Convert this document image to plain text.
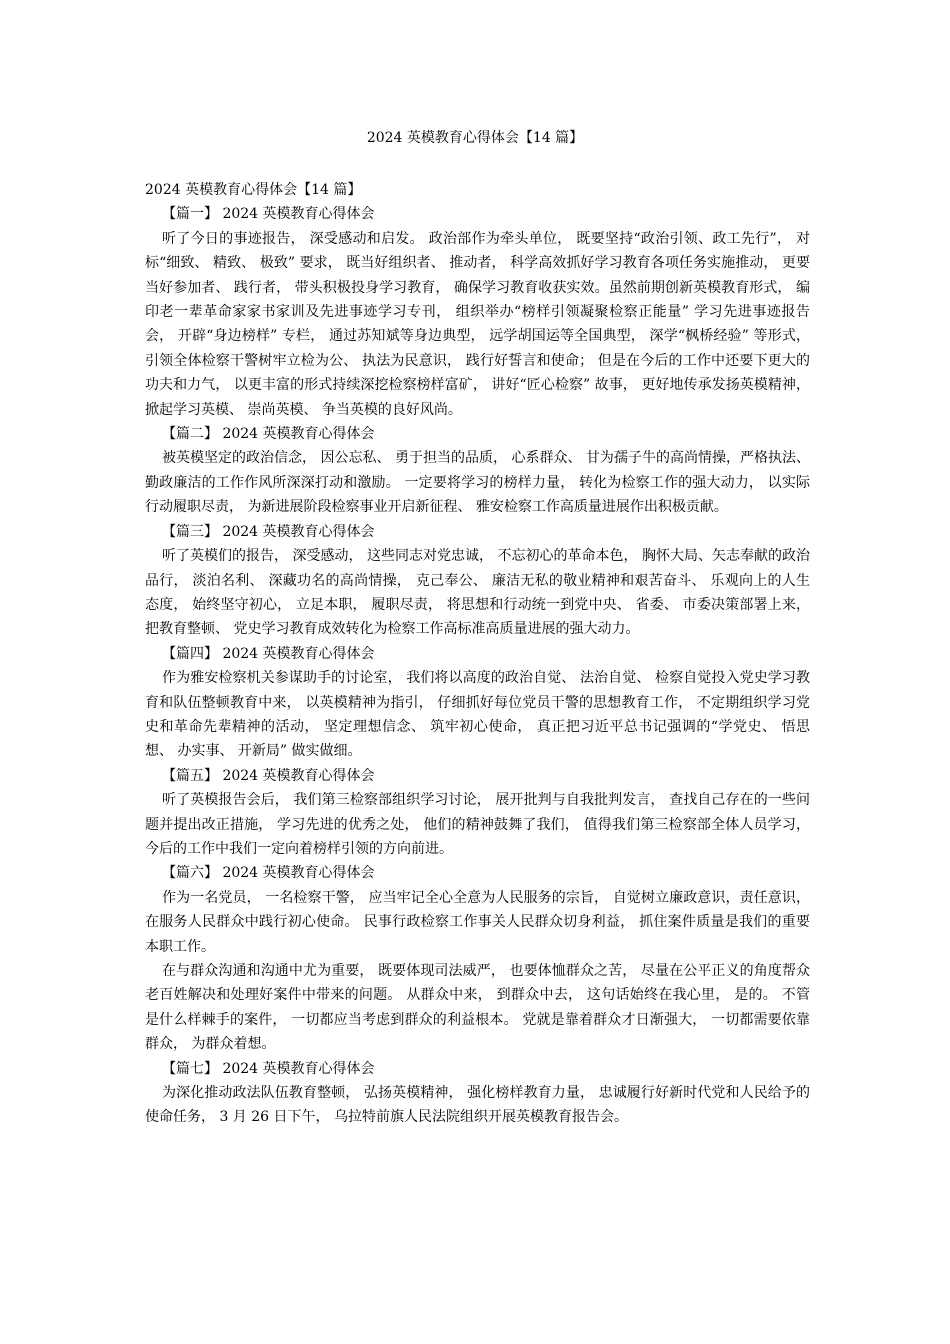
2024 英模教育心得体会【14 篇】

2024 英模教育心得体会【14 篇】

【篇一】 2024 英模教育心得体会

听了今日的事迹报告， 深受感动和启发。 政治部作为牵头单位， 既要坚持“政治引领、政工先行”， 对标“细致、 精致、 极致” 要求， 既当好组织者、 推动者， 科学高效抓好学习教育各项任务实施推动， 更要当好参加者、 践行者， 带头积极投身学习教育， 确保学习教育收获实效。虽然前期创新英模教育形式， 编印老一辈革命家家书家训及先进事迹学习专刊， 组织举办“榜样引领凝聚检察正能量” 学习先进事迹报告会， 开辟“身边榜样” 专栏， 通过苏知斌等身边典型， 远学胡国运等全国典型， 深学“枫桥经验” 等形式， 引领全体检察干警树牢立检为公、 执法为民意识， 践行好誓言和使命； 但是在今后的工作中还要下更大的功夫和力气， 以更丰富的形式持续深挖检察榜样富矿， 讲好“匠心检察” 故事， 更好地传承发扬英模精神， 掀起学习英模、 崇尚英模、 争当英模的良好风尚。

【篇二】 2024 英模教育心得体会

被英模坚定的政治信念， 因公忘私、 勇于担当的品质， 心系群众、 甘为孺子牛的高尚情操，严格执法、 勤政廉洁的工作作风所深深打动和激励。 一定要将学习的榜样力量， 转化为检察工作的强大动力， 以实际行动履职尽责， 为新进展阶段检察事业开启新征程、 雅安检察工作高质量进展作出积极贡献。

【篇三】 2024 英模教育心得体会

听了英模们的报告， 深受感动， 这些同志对党忠诚， 不忘初心的革命本色， 胸怀大局、矢志奉献的政治品行， 淡泊名利、 深藏功名的高尚情操， 克己奉公、 廉洁无私的敬业精神和艰苦奋斗、 乐观向上的人生态度， 始终坚守初心， 立足本职， 履职尽责， 将思想和行动统一到党中央、 省委、 市委决策部署上来， 把教育整顿、 党史学习教育成效转化为检察工作高标准高质量进展的强大动力。

【篇四】 2024 英模教育心得体会

作为雅安检察机关参谋助手的讨论室， 我们将以高度的政治自觉、 法治自觉、 检察自觉投入党史学习教育和队伍整顿教育中来， 以英模精神为指引， 仔细抓好每位党员干警的思想教育工作， 不定期组织学习党史和革命先辈精神的活动， 坚定理想信念、 筑牢初心使命， 真正把习近平总书记强调的“学党史、 悟思想、 办实事、 开新局” 做实做细。

【篇五】 2024 英模教育心得体会

听了英模报告会后， 我们第三检察部组织学习讨论， 展开批判与自我批判发言， 查找自己存在的一些问题并提出改正措施， 学习先进的优秀之处， 他们的精神鼓舞了我们， 值得我们第三检察部全体人员学习， 今后的工作中我们一定向着榜样引领的方向前进。

【篇六】 2024 英模教育心得体会

作为一名党员， 一名检察干警， 应当牢记全心全意为人民服务的宗旨， 自觉树立廉政意识，责任意识， 在服务人民群众中践行初心使命。 民事行政检察工作事关人民群众切身利益， 抓住案件质量是我们的重要本职工作。

在与群众沟通和沟通中尤为重要， 既要体现司法威严， 也要体恤群众之苦， 尽量在公平正义的角度帮众老百姓解决和处理好案件中带来的问题。 从群众中来， 到群众中去， 这句话始终在我心里， 是的。 不管是什么样棘手的案件， 一切都应当考虑到群众的利益根本。 党就是靠着群众才日渐强大， 一切都需要依靠群众， 为群众着想。

【篇七】 2024 英模教育心得体会

为深化推动政法队伍教育整顿， 弘扬英模精神， 强化榜样教育力量， 忠诚履行好新时代党和人民给予的使命任务， 3 月 26 日下午， 乌拉特前旗人民法院组织开展英模教育报告会。
